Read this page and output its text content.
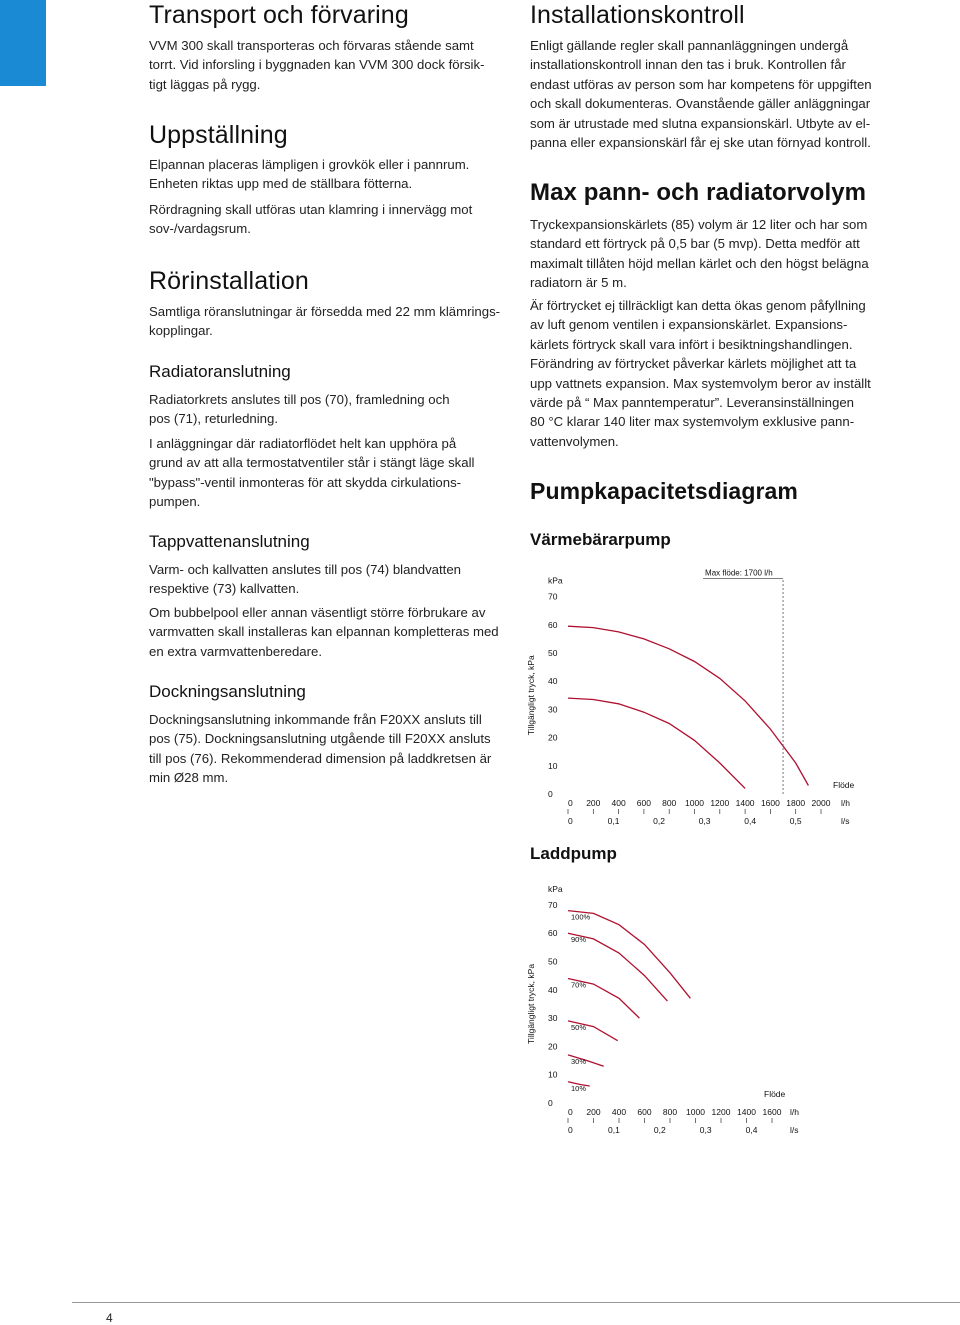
Transport och förvaring
VVM 300 skall transporteras och förvaras stående samt
torrt. Vid inforsling i byggnaden kan VVM 300 dock försik-
tigt läggas på rygg.
Uppställning
Elpannan placeras lämpligen i grovkök eller i pannrum.
Enheten riktas upp med de ställbara fötterna.
Rördragning skall utföras utan klamring i innervägg mot
sov-/vardagsrum.
Rörinstallation
Samtliga röranslutningar är försedda med 22 mm klämrings-
kopplingar.
Radiatoranslutning
Radiatorkrets anslutes till pos (70), framledning och
pos (71), returledning.
I anläggningar där radiatorflödet helt kan upphöra på
grund av att alla termostatventiler står i stängt läge skall
"bypass"-ventil inmonteras för att skydda cirkulations-
pumpen.
Tappvattenanslutning
Varm- och kallvatten anslutes till pos (74) blandvatten
respektive (73) kallvatten.
Om bubbelpool eller annan väsentligt större förbrukare av
varmvatten skall installeras kan elpannan kompletteras med
en extra varmvattenberedare.
Dockningsanslutning
Dockningsanslutning inkommande från F20XX ansluts till
pos (75). Dockningsanslutning utgående till F20XX ansluts
till pos (76). Rekommenderad dimension på laddkretsen är
min Ø28 mm.
Installationskontroll
Enligt gällande regler skall pannanläggningen undergå
installationskontroll innan den tas i bruk. Kontrollen får
endast utföras av person som har kompetens för uppgiften
och skall dokumenteras. Ovanstående gäller anläggningar
som är utrustade med slutna expansionskärl. Utbyte av el-
panna eller expansionskärl får ej ske utan förnyad kontroll.
Max pann- och radiatorvolym
Tryckexpansionskärlets (85) volym är 12 liter och har som
standard ett förtryck på 0,5 bar (5 mvp). Detta medför att
maximalt tillåten höjd mellan kärlet och den högst belägna
radiatorn är 5 m.
Är förtrycket ej tillräckligt kan detta ökas genom påfyllning
av luft genom ventilen i expansionskärlet. Expansions-
kärlets förtryck skall vara infört i besiktningshandlingen.
Förändring av förtrycket påverkar kärlets möjlighet att ta
upp vattnets expansion. Max systemvolym beror av inställt
värde på “ Max panntemperatur”. Leveransinställningen
80 °C klarar 140 liter max systemvolym exklusive pann-
vattenvolymen.
Pumpkapacitetsdiagram
Värmebärarpump
Laddpump
Tillgängligt tryck, kPa
kPa
0
10
20
30
40
50
60
70
0 200 400 600 800 1000 1200 1400 1600 1800 2000 l/h
Flöde
0	0,1	0,2	0,3	0,4	0,5	l/s
Max flöde: 1700 l/h
Tillgängligt tryck, kPa
kPa
0
10
20
30
40
50
60
70
0 200 400 600 800 1000 1200 1400 1600 l/h
Flöde
0	0,1	0,2	0,3	0,4	l/s
100%
90%
70%
50%
30%
10%
4
